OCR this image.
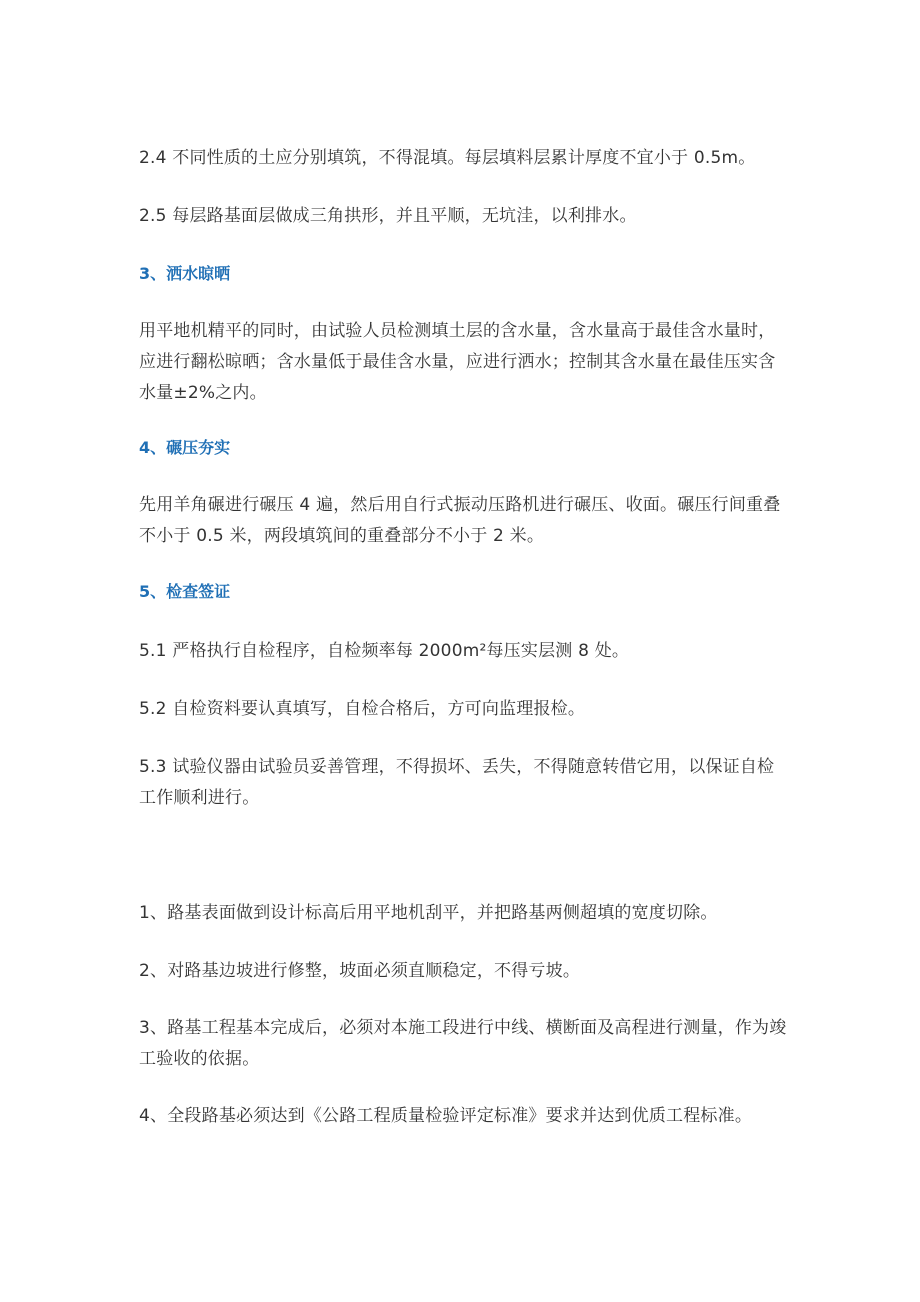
2.4 不同性质的土应分别填筑，不得混填。每层填料层累计厚度不宜小于 0.5m。
2.5 每层路基面层做成三角拱形，并且平顺，无坑洼，以利排水。
3、洒水晾晒
用平地机精平的同时，由试验人员检测填土层的含水量，含水量高于最佳含水量时，应进行翻松晾晒；含水量低于最佳含水量，应进行洒水；控制其含水量在最佳压实含水量±2%之内。
4、碾压夯实
先用羊角碾进行碾压 4 遍，然后用自行式振动压路机进行碾压、收面。碾压行间重叠不小于 0.5 米，两段填筑间的重叠部分不小于 2 米。
5、检查签证
5.1 严格执行自检程序，自检频率每 2000m²每压实层测 8 处。
5.2 自检资料要认真填写，自检合格后，方可向监理报检。
5.3 试验仪器由试验员妥善管理，不得损坏、丢失，不得随意转借它用，以保证自检工作顺利进行。
1、路基表面做到设计标高后用平地机刮平，并把路基两侧超填的宽度切除。
2、对路基边坡进行修整，坡面必须直顺稳定，不得亏坡。
3、路基工程基本完成后，必须对本施工段进行中线、横断面及高程进行测量，作为竣工验收的依据。
4、全段路基必须达到《公路工程质量检验评定标准》要求并达到优质工程标准。
